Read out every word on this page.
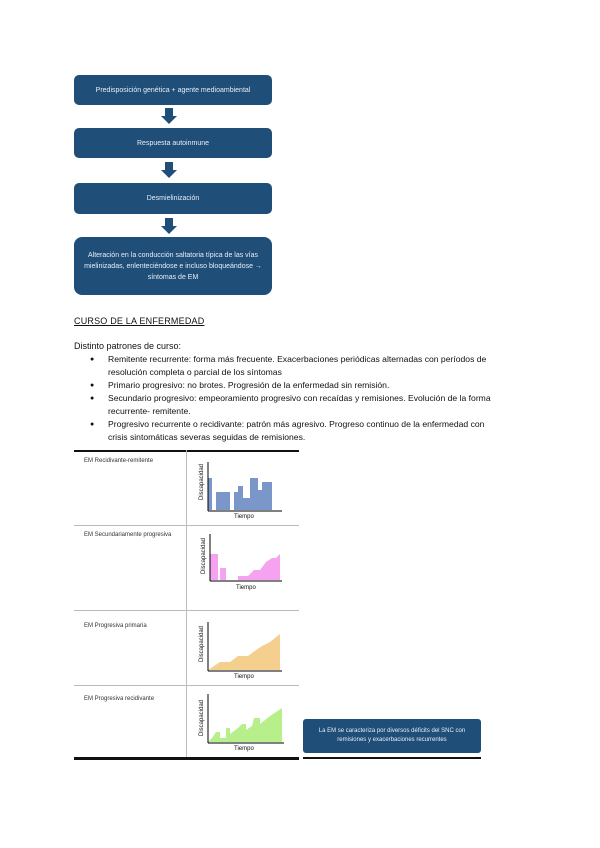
Predisposición genética + agente medioambiental
Respuesta autoinmune
Desmielinización
Alteración en la conducción saltatoria típica de las vías mielinizadas, enlenteciéndose e incluso bloqueándose → síntomas de EM
CURSO DE LA ENFERMEDAD
Distinto patrones de curso:
● Remitente recurrente: forma más frecuente. Exacerbaciones periódicas alternadas con períodos de resolución completa o parcial de los síntomas
● Primario progresivo: no brotes. Progresión de la enfermedad sin remisión.
● Secundario progresivo: empeoramiento progresivo con recaídas y remisiones. Evolución de la forma recurrente- remitente.
● Progresivo recurrente o recidivante: patrón más agresivo. Progreso continuo de la enfermedad con crisis sintomáticas severas seguidas de remisiones.
EM Recidivante-remitente
EM Secundariamente progresiva
EM Progresiva primaria
EM Progresiva recidivante
Discapacidad
Tiempo
Discapacidad
Tiempo
Discapacidad
Tiempo
Discapacidad
Tiempo
La EM se caracteriza por diversos déficits del SNC con remisiones y exacerbaciones recurrentes
